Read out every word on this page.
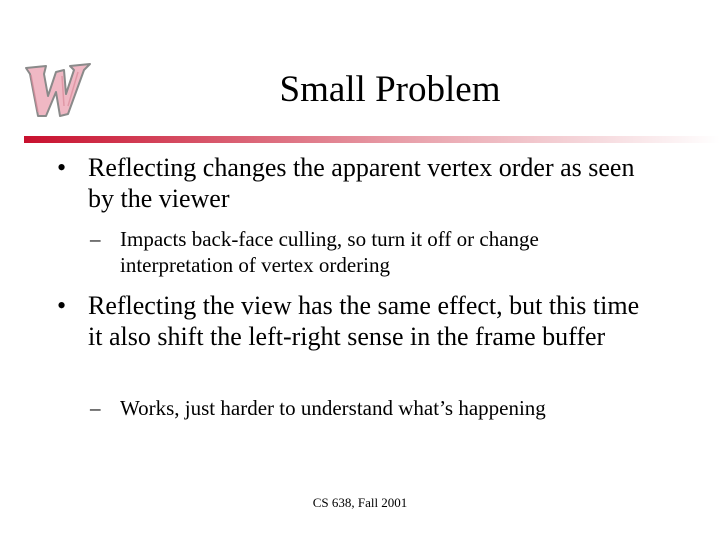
Small Problem
• Reflecting changes the apparent vertex order as seen by the viewer
– Impacts back-face culling, so turn it off or change interpretation of vertex ordering
• Reflecting the view has the same effect, but this time it also shift the left-right sense in the frame buffer
– Works, just harder to understand what’s happening
CS 638, Fall 2001
